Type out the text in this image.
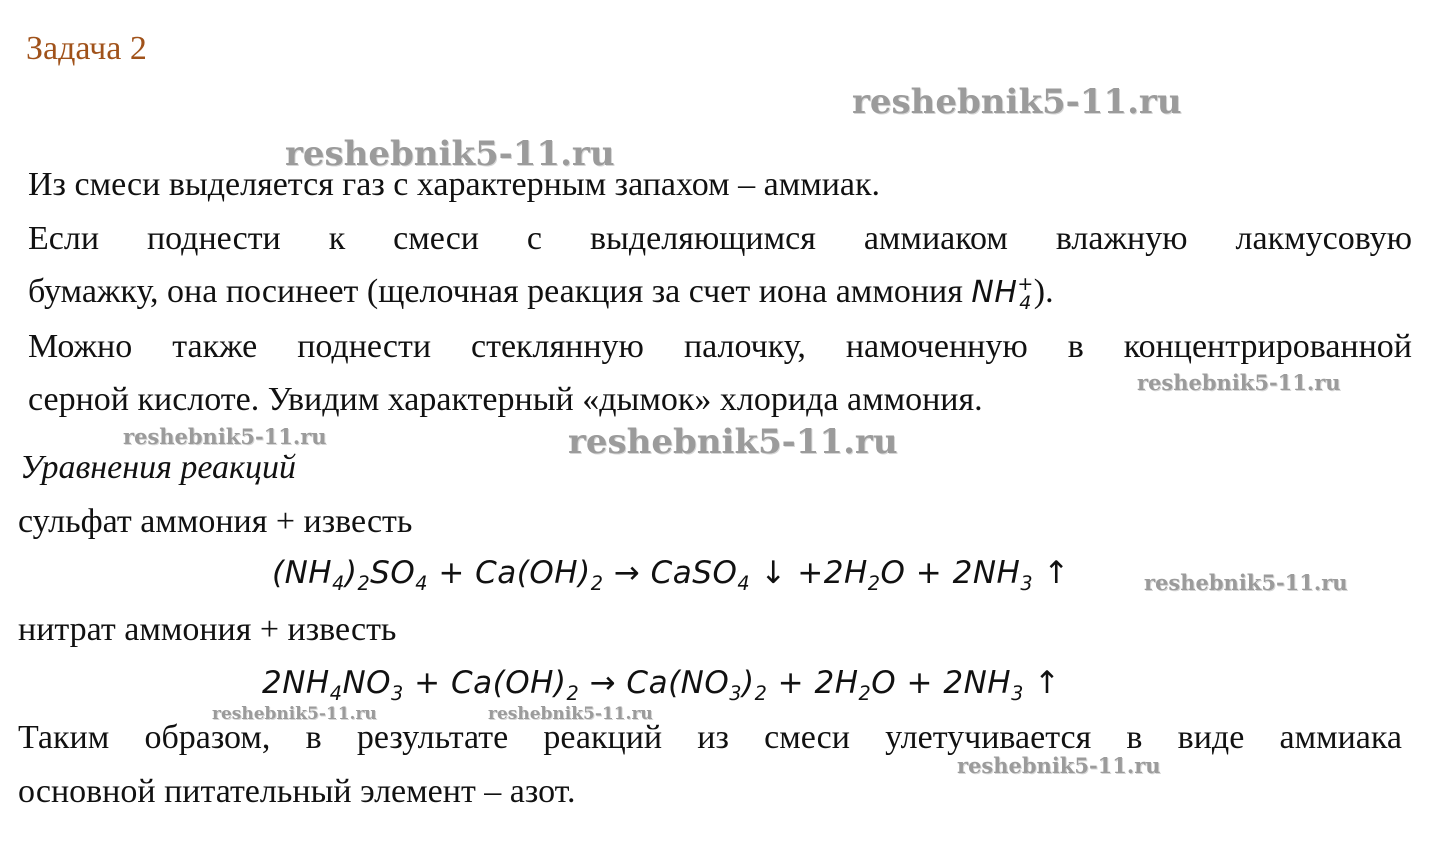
Задача 2
reshebnik5-11.ru
reshebnik5-11.ru
Из смеси выделяется газ с характерным запахом – аммиак.
Если поднести к смеси с выделяющимся аммиаком влажную лакмусовую
бумажку, она посинеет (щелочная реакция за счет иона аммония NH +
4 ).
Можно также поднести стеклянную палочку, намоченную в концентрированной
серной кислоте. Увидим характерный «дымок» хлорида аммония.	reshebnik5-11.ru
reshebnik5-11.ru	reshebnik5-11.ru
Уравнения реакций
сульфат аммония + известь
$(NH_4)_2SO_4 + Ca(OH)_2$ → CaSO$_4$ ↓ $+2H_2O + 2NH_3$ ↑	reshebnik5-11.ru
нитрат аммония + известь
$2NH_4NO_3 + Ca(OH)_2 \to Ca(NO_3)_2 + 2H_2O + 2NH_3$ ↑
reshebnik5-11.ru	reshebnik5-11.ru
Таким образом, в результате реакций из смеси улетучивается в виде аммиака
reshebnik5-11.ru
основной питательный элемент – азот.
